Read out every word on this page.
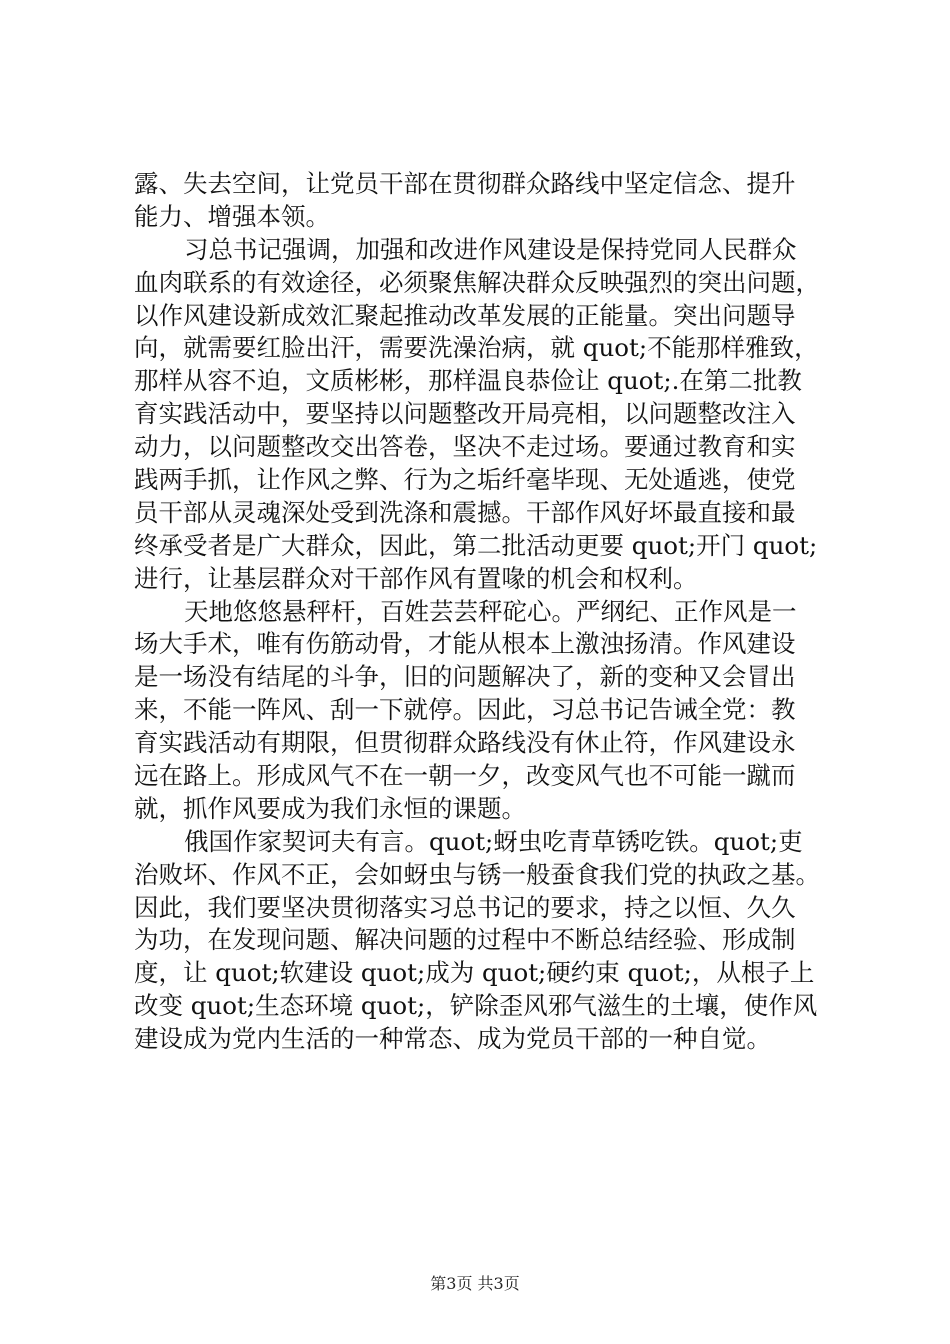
露、失去空间，让党员干部在贯彻群众路线中坚定信念、提升
能力、增强本领。
习总书记强调，加强和改进作风建设是保持党同人民群众
血肉联系的有效途径，必须聚焦解决群众反映强烈的突出问题，
以作风建设新成效汇聚起推动改革发展的正能量。突出问题导
向，就需要红脸出汗，需要洗澡治病，就 quot;不能那样雅致，
那样从容不迫，文质彬彬，那样温良恭俭让 quot;.在第二批教
育实践活动中，要坚持以问题整改开局亮相，以问题整改注入
动力，以问题整改交出答卷，坚决不走过场。要通过教育和实
践两手抓，让作风之弊、行为之垢纤毫毕现、无处遁逃，使党
员干部从灵魂深处受到洗涤和震撼。干部作风好坏最直接和最
终承受者是广大群众，因此，第二批活动更要 quot;开门 quot;
进行，让基层群众对干部作风有置喙的机会和权利。
天地悠悠悬秤杆，百姓芸芸秤砣心。严纲纪、正作风是一
场大手术，唯有伤筋动骨，才能从根本上激浊扬清。作风建设
是一场没有结尾的斗争，旧的问题解决了，新的变种又会冒出
来，不能一阵风、刮一下就停。因此，习总书记告诫全党：教
育实践活动有期限，但贯彻群众路线没有休止符，作风建设永
远在路上。形成风气不在一朝一夕，改变风气也不可能一蹴而
就，抓作风要成为我们永恒的课题。
俄国作家契诃夫有言。quot;蚜虫吃青草锈吃铁。quot;吏
治败坏、作风不正，会如蚜虫与锈一般蚕食我们党的执政之基。
因此，我们要坚决贯彻落实习总书记的要求，持之以恒、久久
为功，在发现问题、解决问题的过程中不断总结经验、形成制
度，让 quot;软建设 quot;成为 quot;硬约束 quot;，从根子上
改变 quot;生态环境 quot;，铲除歪风邪气滋生的土壤，使作风
建设成为党内生活的一种常态、成为党员干部的一种自觉。
第3页 共3页
